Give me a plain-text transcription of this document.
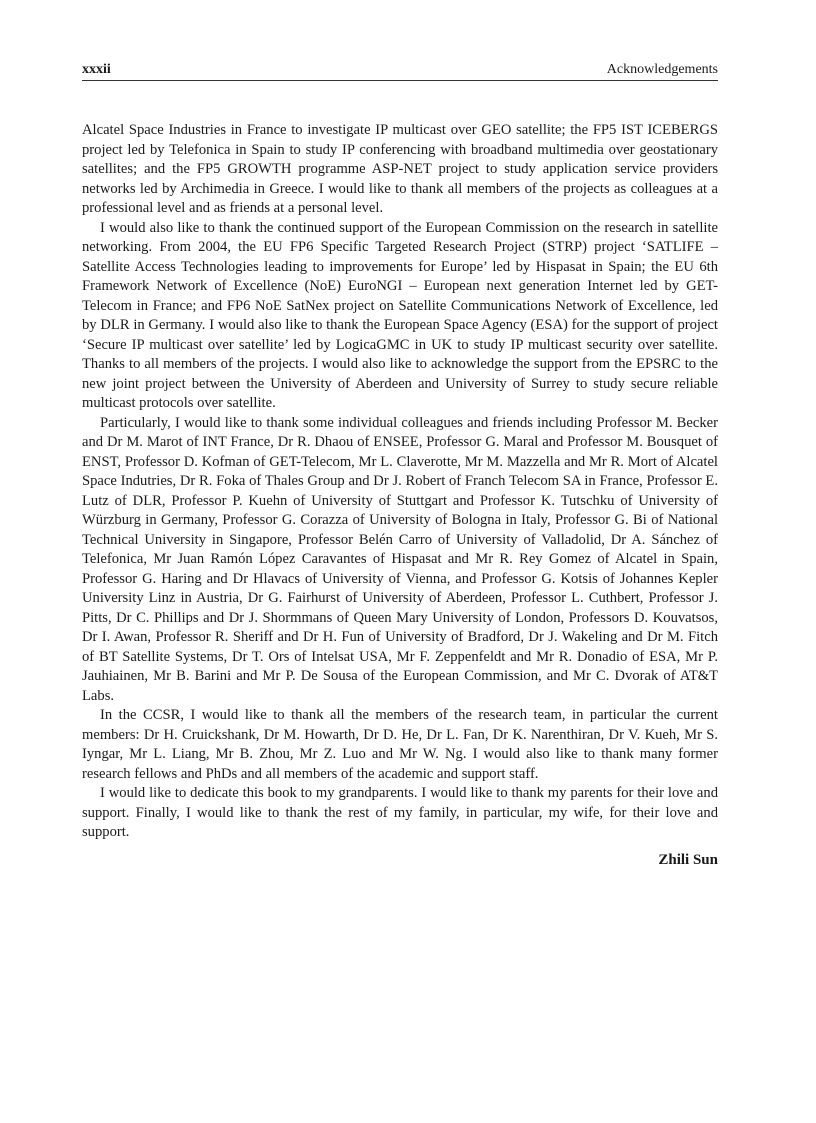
xxxii	Acknowledgements

Alcatel Space Industries in France to investigate IP multicast over GEO satellite; the FP5 IST ICEBERGS project led by Telefonica in Spain to study IP conferencing with broadband multimedia over geostationary satellites; and the FP5 GROWTH programme ASP-NET project to study application service providers networks led by Archimedia in Greece. I would like to thank all members of the projects as colleagues at a professional level and as friends at a personal level.

I would also like to thank the continued support of the European Commission on the research in satellite networking. From 2004, the EU FP6 Specific Targeted Research Project (STRP) project ‘SATLIFE – Satellite Access Technologies leading to improvements for Europe’ led by Hispasat in Spain; the EU 6th Framework Network of Excellence (NoE) EuroNGI – European next generation Internet led by GET-Telecom in France; and FP6 NoE SatNex project on Satellite Communications Network of Excellence, led by DLR in Germany. I would also like to thank the European Space Agency (ESA) for the support of project ‘Secure IP multicast over satellite’ led by LogicaGMC in UK to study IP multicast security over satellite. Thanks to all members of the projects. I would also like to acknowledge the support from the EPSRC to the new joint project between the University of Aberdeen and University of Surrey to study secure reliable multicast protocols over satellite.

Particularly, I would like to thank some individual colleagues and friends including Professor M. Becker and Dr M. Marot of INT France, Dr R. Dhaou of ENSEE, Professor G. Maral and Professor M. Bousquet of ENST, Professor D. Kofman of GET-Telecom, Mr L. Claverotte, Mr M. Mazzella and Mr R. Mort of Alcatel Space Indutries, Dr R. Foka of Thales Group and Dr J. Robert of Franch Telecom SA in France, Professor E. Lutz of DLR, Professor P. Kuehn of University of Stuttgart and Professor K. Tutschku of University of Würzburg in Germany, Professor G. Corazza of University of Bologna in Italy, Professor G. Bi of National Technical University in Singapore, Professor Belén Carro of University of Valladolid, Dr A. Sánchez of Telefonica, Mr Juan Ramón López Caravantes of Hispasat and Mr R. Rey Gomez of Alcatel in Spain, Professor G. Haring and Dr Hlavacs of University of Vienna, and Professor G. Kotsis of Johannes Kepler University Linz in Austria, Dr G. Fairhurst of University of Aberdeen, Professor L. Cuthbert, Professor J. Pitts, Dr C. Phillips and Dr J. Shormmans of Queen Mary University of London, Professors D. Kouvatsos, Dr I. Awan, Professor R. Sheriff and Dr H. Fun of University of Bradford, Dr J. Wakeling and Dr M. Fitch of BT Satellite Systems, Dr T. Ors of Intelsat USA, Mr F. Zeppenfeldt and Mr R. Donadio of ESA, Mr P. Jauhiainen, Mr B. Barini and Mr P. De Sousa of the European Commission, and Mr C. Dvorak of AT&T Labs.

In the CCSR, I would like to thank all the members of the research team, in particular the current members: Dr H. Cruickshank, Dr M. Howarth, Dr D. He, Dr L. Fan, Dr K. Narenthiran, Dr V. Kueh, Mr S. Iyngar, Mr L. Liang, Mr B. Zhou, Mr Z. Luo and Mr W. Ng. I would also like to thank many former research fellows and PhDs and all members of the academic and support staff.

I would like to dedicate this book to my grandparents. I would like to thank my parents for their love and support. Finally, I would like to thank the rest of my family, in particular, my wife, for their love and support.

Zhili Sun
